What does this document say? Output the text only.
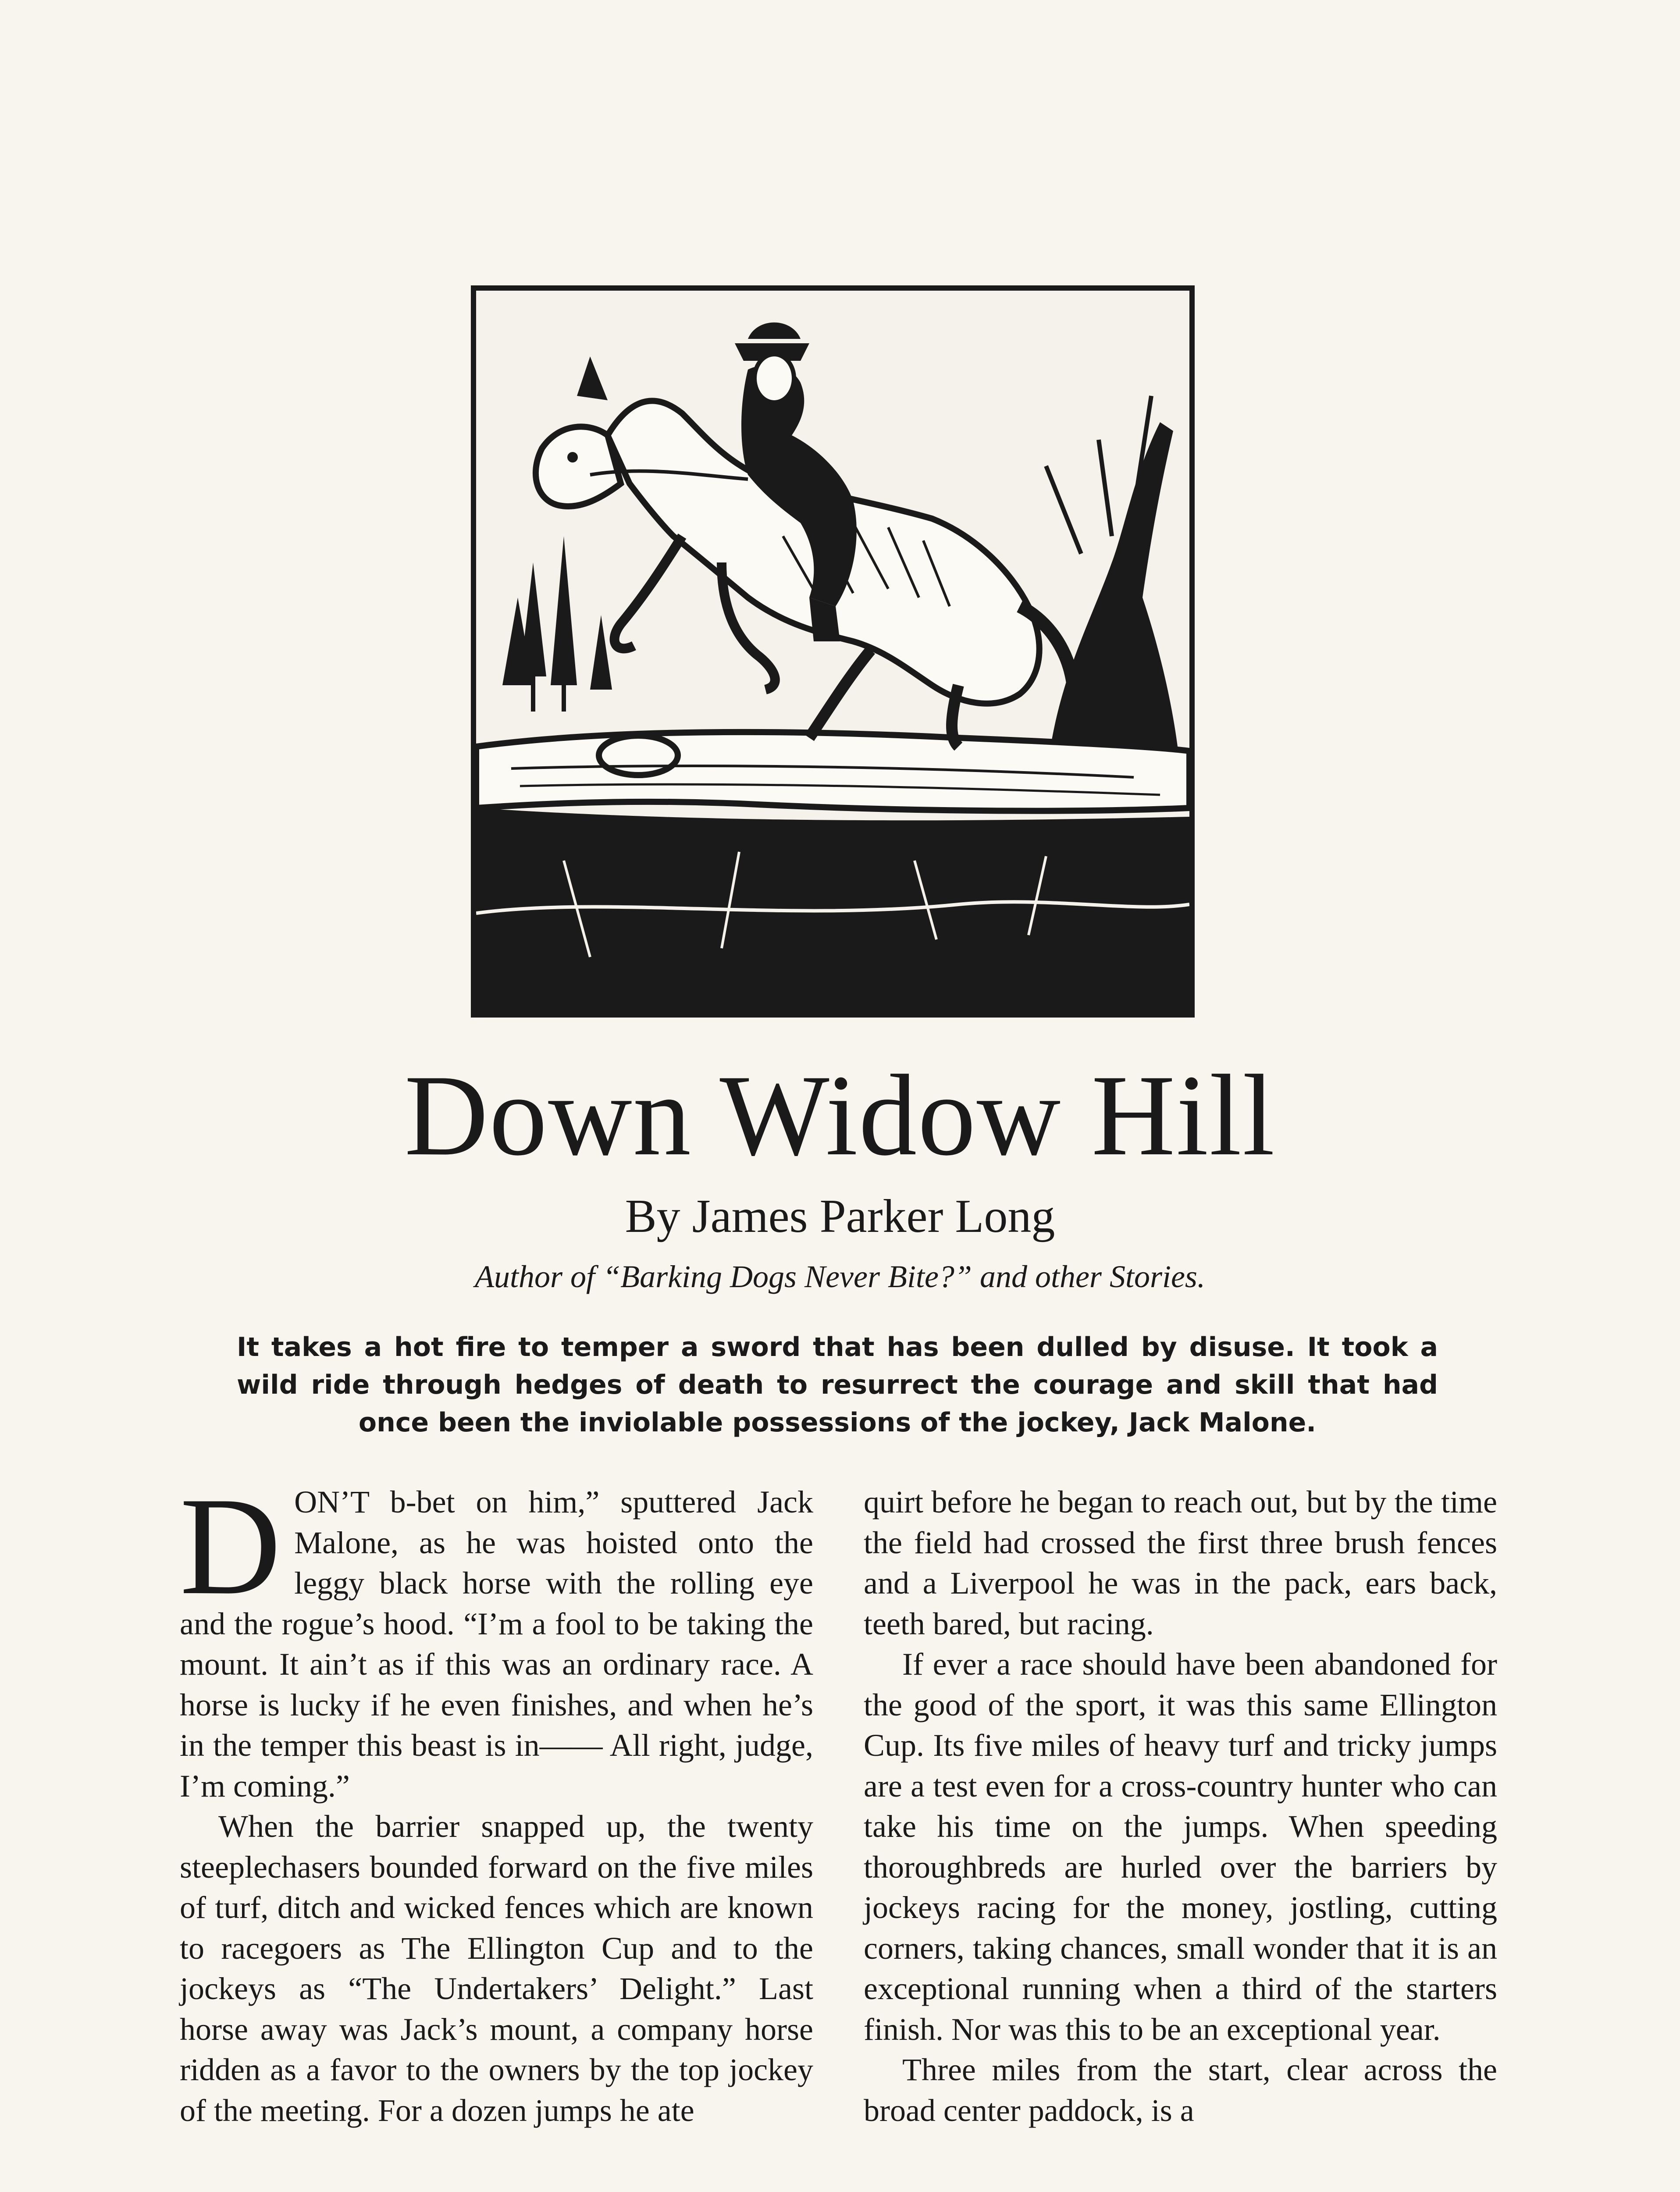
Down Widow Hill

By James Parker Long

Author of “Barking Dogs Never Bite?” and other Stories.

It takes a hot fire to temper a sword that has been dulled by disuse. It took a wild ride through hedges of death to resurrect the courage and skill that had once been the inviolable possessions of the jockey, Jack Malone.

DON’T b-bet on him,” sputtered Jack Malone, as he was hoisted onto the leggy black horse with the rolling eye and the rogue’s hood. “I’m a fool to be taking the mount. It ain’t as if this was an ordinary race. A horse is lucky if he even finishes, and when he’s in the temper this beast is in—— All right, judge, I’m coming.”

When the barrier snapped up, the twenty steeplechasers bounded forward on the five miles of turf, ditch and wicked fences which are known to racegoers as The Ellington Cup and to the jockeys as “The Undertakers’ Delight.” Last horse away was Jack’s mount, a company horse ridden as a favor to the owners by the top jockey of the meeting. For a dozen jumps he ate

quirt before he began to reach out, but by the time the field had crossed the first three brush fences and a Liverpool he was in the pack, ears back, teeth bared, but racing.

If ever a race should have been abandoned for the good of the sport, it was this same Ellington Cup. Its five miles of heavy turf and tricky jumps are a test even for a cross-country hunter who can take his time on the jumps. When speeding thoroughbreds are hurled over the barriers by jockeys racing for the money, jostling, cutting corners, taking chances, small wonder that it is an exceptional running when a third of the starters finish. Nor was this to be an exceptional year.

Three miles from the start, clear across the broad center paddock, is a
